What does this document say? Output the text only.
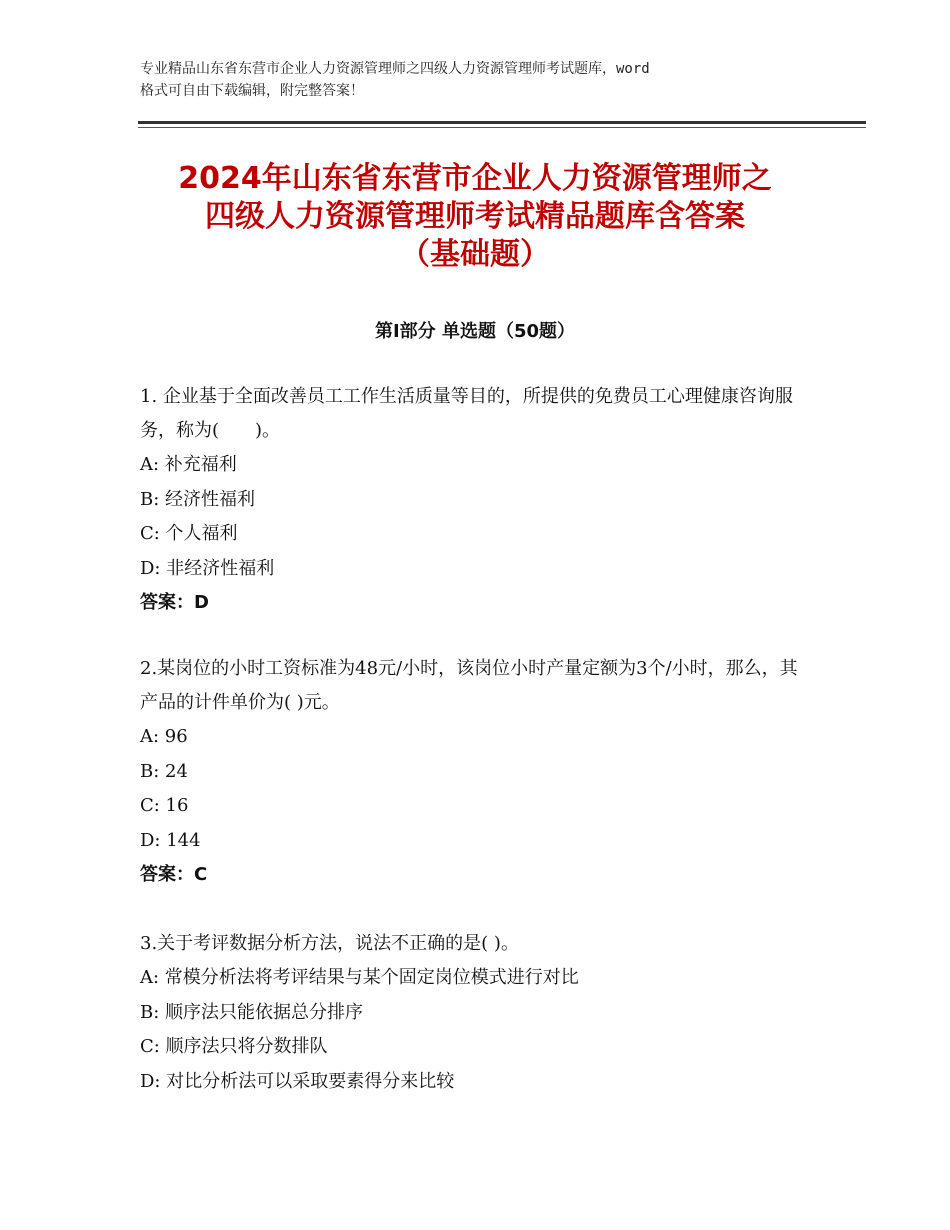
专业精品山东省东营市企业人力资源管理师之四级人力资源管理师考试题库，word
格式可自由下载编辑，附完整答案！
2024年山东省东营市企业人力资源管理师之
四级人力资源管理师考试精品题库含答案
（基础题）
第Ⅰ部分 单选题（50题）

1. 企业基于全面改善员工工作生活质量等目的，所提供的免费员工心理健康咨询服务，称为(　　)。

A: 补充福利

B: 经济性福利

C: 个人福利

D: 非经济性福利

答案：D

2.某岗位的小时工资标准为48元/小时，该岗位小时产量定额为3个/小时，那么，其产品的计件单价为( )元。

A: 96

B: 24

C: 16

D: 144

答案：C

3.关于考评数据分析方法，说法不正确的是( )。

A: 常模分析法将考评结果与某个固定岗位模式进行对比

B: 顺序法只能依据总分排序

C: 顺序法只将分数排队

D: 对比分析法可以采取要素得分来比较
